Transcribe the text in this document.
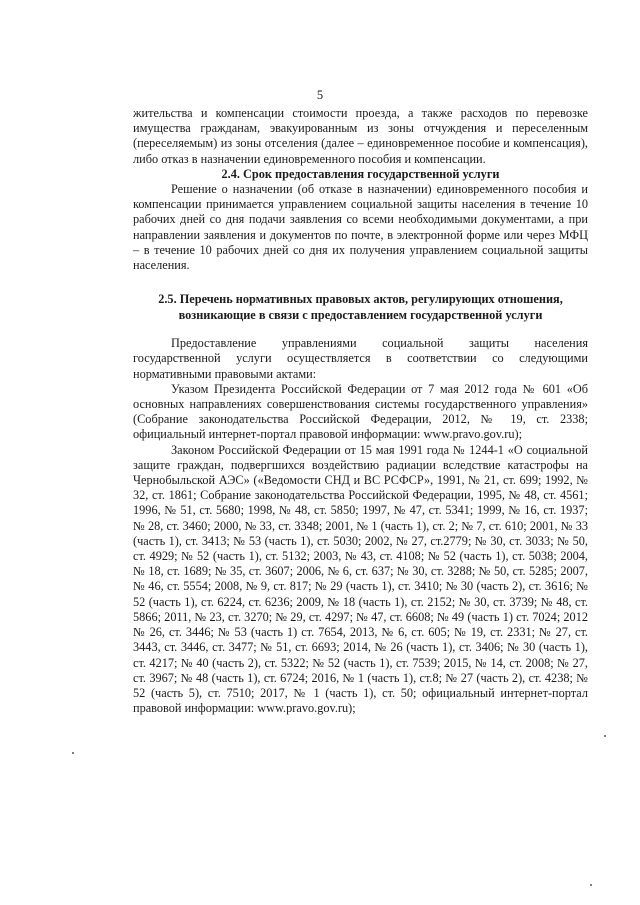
5

жительства и компенсации стоимости проезда, а также расходов по перевозке имущества гражданам, эвакуированным из зоны отчуждения и переселенным (переселяемым) из зоны отселения (далее – единовременное пособие и компенсация), либо отказ в назначении единовременного пособия и компенсации.

2.4. Срок предоставления государственной услуги

Решение о назначении (об отказе в назначении) единовременного пособия и компенсации принимается управлением социальной защиты населения в течение 10 рабочих дней со дня подачи заявления со всеми необходимыми документами, а при направлении заявления и документов по почте, в электронной форме или через МФЦ – в течение 10 рабочих дней со дня их получения управлением социальной защиты населения.

2.5. Перечень нормативных правовых актов, регулирующих отношения,
возникающие в связи с предоставлением государственной услуги

Предоставление управлениями социальной защиты населения государственной услуги осуществляется в соответствии со следующими нормативными правовыми актами:

Указом Президента Российской Федерации от 7 мая 2012 года № 601 «Об основных направлениях совершенствования системы государственного управления» (Собрание законодательства Российской Федерации, 2012, № 19, ст. 2338; официальный интернет-портал правовой информации: www.pravo.gov.ru);

Законом Российской Федерации от 15 мая 1991 года № 1244-1 «О социальной защите граждан, подвергшихся воздействию радиации вследствие катастрофы на Чернобыльской АЭС» («Ведомости СНД и ВС РСФСР», 1991, № 21, ст. 699; 1992, № 32, ст. 1861; Собрание законодательства Российской Федерации, 1995, № 48, ст. 4561; 1996, № 51, ст. 5680; 1998, № 48, ст. 5850; 1997, № 47, ст. 5341; 1999, № 16, ст. 1937; № 28, ст. 3460; 2000, № 33, ст. 3348; 2001, № 1 (часть 1), ст. 2; № 7, ст. 610; 2001, № 33 (часть 1), ст. 3413; № 53 (часть 1), ст. 5030; 2002, № 27, ст.2779; № 30, ст. 3033; № 50, ст. 4929; № 52 (часть 1), ст. 5132; 2003, № 43, ст. 4108; № 52 (часть 1), ст. 5038; 2004, № 18, ст. 1689; № 35, ст. 3607; 2006, № 6, ст. 637; № 30, ст. 3288; № 50, ст. 5285; 2007, № 46, ст. 5554; 2008, № 9, ст. 817; № 29 (часть 1), ст. 3410; № 30 (часть 2), ст. 3616; № 52 (часть 1), ст. 6224, ст. 6236; 2009, № 18 (часть 1), ст. 2152; № 30, ст. 3739; № 48, ст. 5866; 2011, № 23, ст. 3270; № 29, ст. 4297; № 47, ст. 6608; № 49 (часть 1) ст. 7024; 2012 № 26, ст. 3446; № 53 (часть 1) ст. 7654, 2013, № 6, ст. 605; № 19, ст. 2331; № 27, ст. 3443, ст. 3446, ст. 3477; № 51, ст. 6693; 2014, № 26 (часть 1), ст. 3406; № 30 (часть 1), ст. 4217; № 40 (часть 2), ст. 5322; № 52 (часть 1), ст. 7539; 2015, № 14, ст. 2008; № 27, ст. 3967; № 48 (часть 1), ст. 6724; 2016, № 1 (часть 1), ст.8; № 27 (часть 2), ст. 4238; № 52 (часть 5), ст. 7510; 2017, № 1 (часть 1), ст. 50; официальный интернет-портал правовой информации: www.pravo.gov.ru);
